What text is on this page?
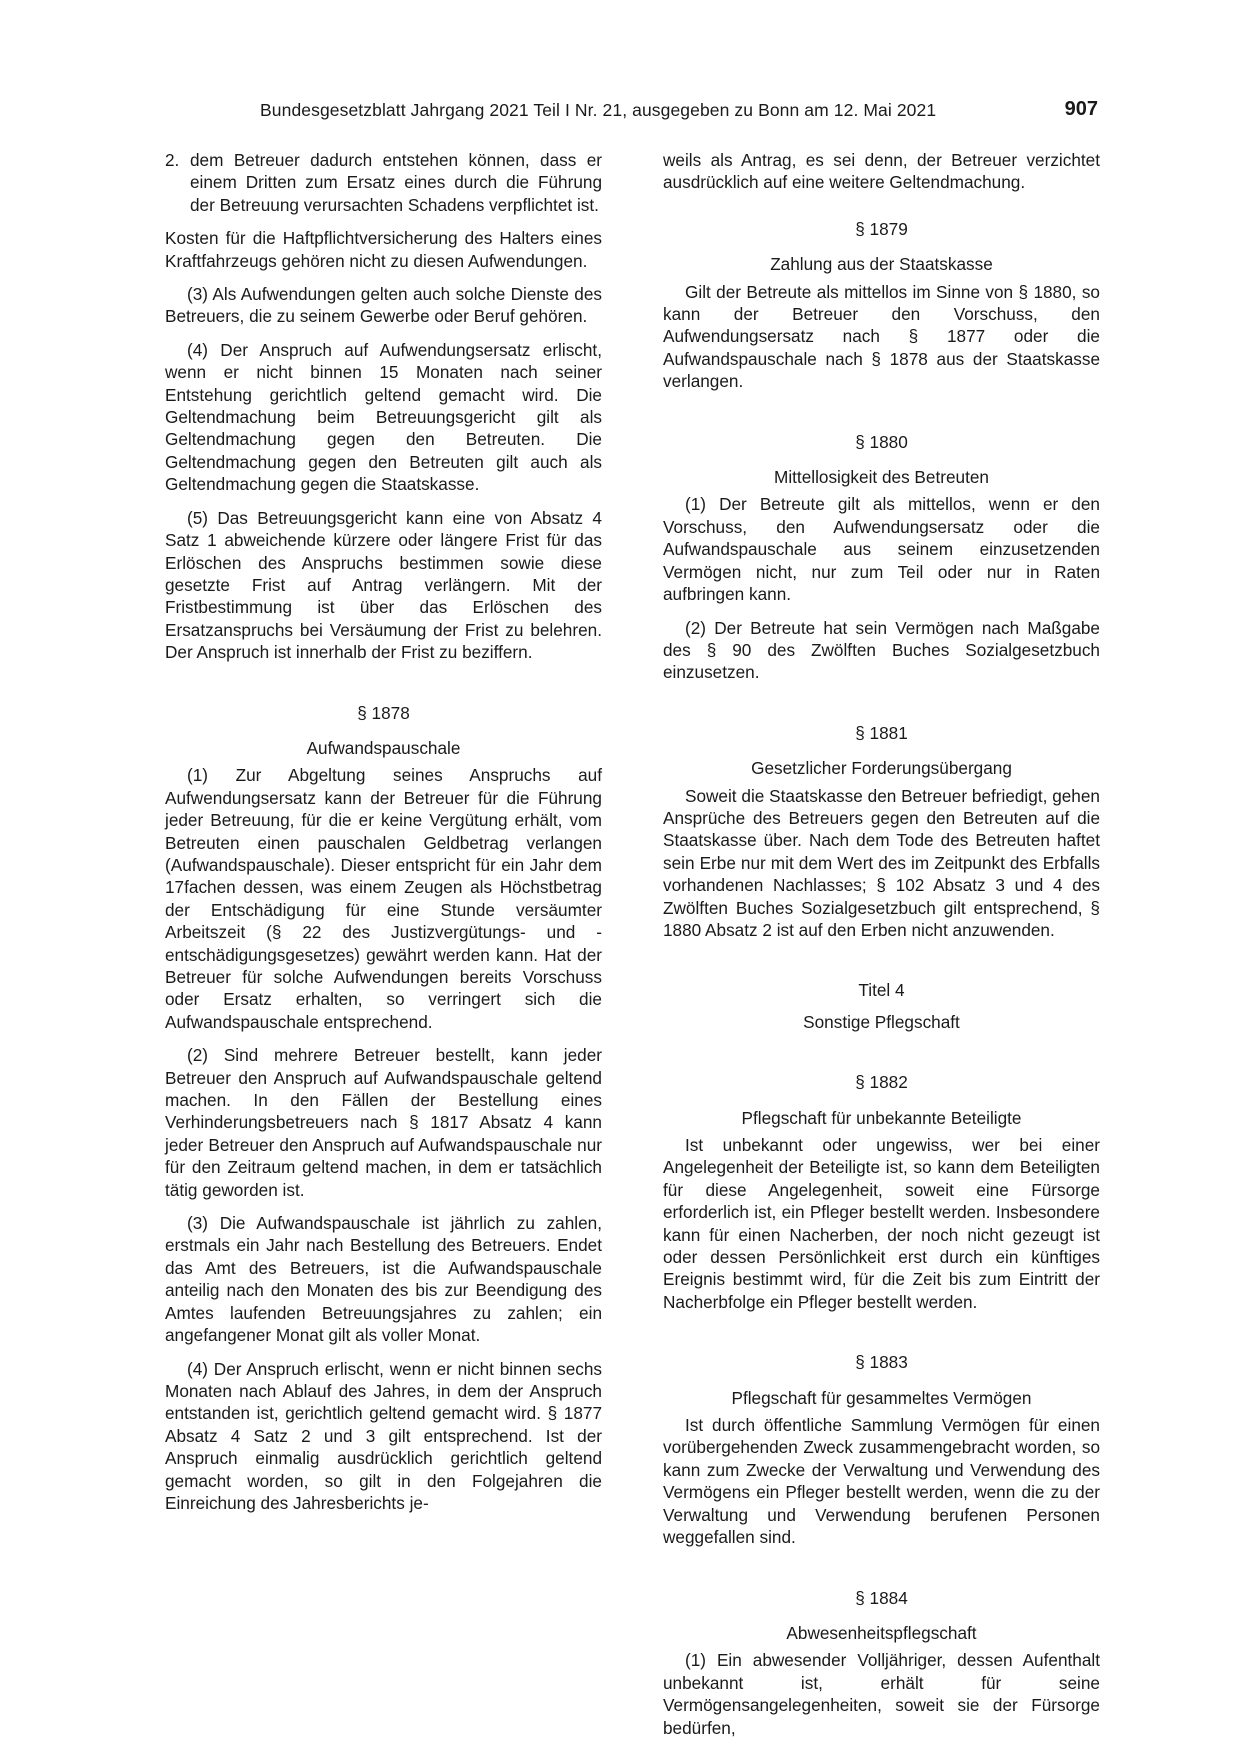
Bundesgesetzblatt Jahrgang 2021 Teil I Nr. 21, ausgegeben zu Bonn am 12. Mai 2021	907
2. dem Betreuer dadurch entstehen können, dass er einem Dritten zum Ersatz eines durch die Führung der Betreuung verursachten Schadens verpflichtet ist.

Kosten für die Haftpflichtversicherung des Halters eines Kraftfahrzeugs gehören nicht zu diesen Aufwendungen.

(3) Als Aufwendungen gelten auch solche Dienste des Betreuers, die zu seinem Gewerbe oder Beruf gehören.

(4) Der Anspruch auf Aufwendungsersatz erlischt, wenn er nicht binnen 15 Monaten nach seiner Entstehung gerichtlich geltend gemacht wird. Die Geltendmachung beim Betreuungsgericht gilt als Geltendmachung gegen den Betreuten. Die Geltendmachung gegen den Betreuten gilt auch als Geltendmachung gegen die Staatskasse.

(5) Das Betreuungsgericht kann eine von Absatz 4 Satz 1 abweichende kürzere oder längere Frist für das Erlöschen des Anspruchs bestimmen sowie diese gesetzte Frist auf Antrag verlängern. Mit der Fristbestimmung ist über das Erlöschen des Ersatzanspruchs bei Versäumung der Frist zu belehren. Der Anspruch ist innerhalb der Frist zu beziffern.

§ 1878

Aufwandspauschale

(1) Zur Abgeltung seines Anspruchs auf Aufwendungsersatz kann der Betreuer für die Führung jeder Betreuung, für die er keine Vergütung erhält, vom Betreuten einen pauschalen Geldbetrag verlangen (Aufwandspauschale). Dieser entspricht für ein Jahr dem 17fachen dessen, was einem Zeugen als Höchstbetrag der Entschädigung für eine Stunde versäumter Arbeitszeit (§ 22 des Justizvergütungs- und -entschädigungsgesetzes) gewährt werden kann. Hat der Betreuer für solche Aufwendungen bereits Vorschuss oder Ersatz erhalten, so verringert sich die Aufwandspauschale entsprechend.

(2) Sind mehrere Betreuer bestellt, kann jeder Betreuer den Anspruch auf Aufwandspauschale geltend machen. In den Fällen der Bestellung eines Verhinderungsbetreuers nach § 1817 Absatz 4 kann jeder Betreuer den Anspruch auf Aufwandspauschale nur für den Zeitraum geltend machen, in dem er tatsächlich tätig geworden ist.

(3) Die Aufwandspauschale ist jährlich zu zahlen, erstmals ein Jahr nach Bestellung des Betreuers. Endet das Amt des Betreuers, ist die Aufwandspauschale anteilig nach den Monaten des bis zur Beendigung des Amtes laufenden Betreuungsjahres zu zahlen; ein angefangener Monat gilt als voller Monat.

(4) Der Anspruch erlischt, wenn er nicht binnen sechs Monaten nach Ablauf des Jahres, in dem der Anspruch entstanden ist, gerichtlich geltend gemacht wird. § 1877 Absatz 4 Satz 2 und 3 gilt entsprechend. Ist der Anspruch einmalig ausdrücklich gerichtlich geltend gemacht worden, so gilt in den Folgejahren die Einreichung des Jahresberichts je-

weils als Antrag, es sei denn, der Betreuer verzichtet ausdrücklich auf eine weitere Geltendmachung.

§ 1879

Zahlung aus der Staatskasse

Gilt der Betreute als mittellos im Sinne von § 1880, so kann der Betreuer den Vorschuss, den Aufwendungsersatz nach § 1877 oder die Aufwandspauschale nach § 1878 aus der Staatskasse verlangen.

§ 1880

Mittellosigkeit des Betreuten

(1) Der Betreute gilt als mittellos, wenn er den Vorschuss, den Aufwendungsersatz oder die Aufwandspauschale aus seinem einzusetzenden Vermögen nicht, nur zum Teil oder nur in Raten aufbringen kann.

(2) Der Betreute hat sein Vermögen nach Maßgabe des § 90 des Zwölften Buches Sozialgesetzbuch einzusetzen.

§ 1881

Gesetzlicher Forderungsübergang

Soweit die Staatskasse den Betreuer befriedigt, gehen Ansprüche des Betreuers gegen den Betreuten auf die Staatskasse über. Nach dem Tode des Betreuten haftet sein Erbe nur mit dem Wert des im Zeitpunkt des Erbfalls vorhandenen Nachlasses; § 102 Absatz 3 und 4 des Zwölften Buches Sozialgesetzbuch gilt entsprechend, § 1880 Absatz 2 ist auf den Erben nicht anzuwenden.

Titel 4

Sonstige Pflegschaft

§ 1882

Pflegschaft für unbekannte Beteiligte

Ist unbekannt oder ungewiss, wer bei einer Angelegenheit der Beteiligte ist, so kann dem Beteiligten für diese Angelegenheit, soweit eine Fürsorge erforderlich ist, ein Pfleger bestellt werden. Insbesondere kann für einen Nacherben, der noch nicht gezeugt ist oder dessen Persönlichkeit erst durch ein künftiges Ereignis bestimmt wird, für die Zeit bis zum Eintritt der Nacherbfolge ein Pfleger bestellt werden.

§ 1883

Pflegschaft für gesammeltes Vermögen

Ist durch öffentliche Sammlung Vermögen für einen vorübergehenden Zweck zusammengebracht worden, so kann zum Zwecke der Verwaltung und Verwendung des Vermögens ein Pfleger bestellt werden, wenn die zu der Verwaltung und Verwendung berufenen Personen weggefallen sind.

§ 1884

Abwesenheitspflegschaft

(1) Ein abwesender Volljähriger, dessen Aufenthalt unbekannt ist, erhält für seine Vermögensangelegenheiten, soweit sie der Fürsorge bedürfen,
